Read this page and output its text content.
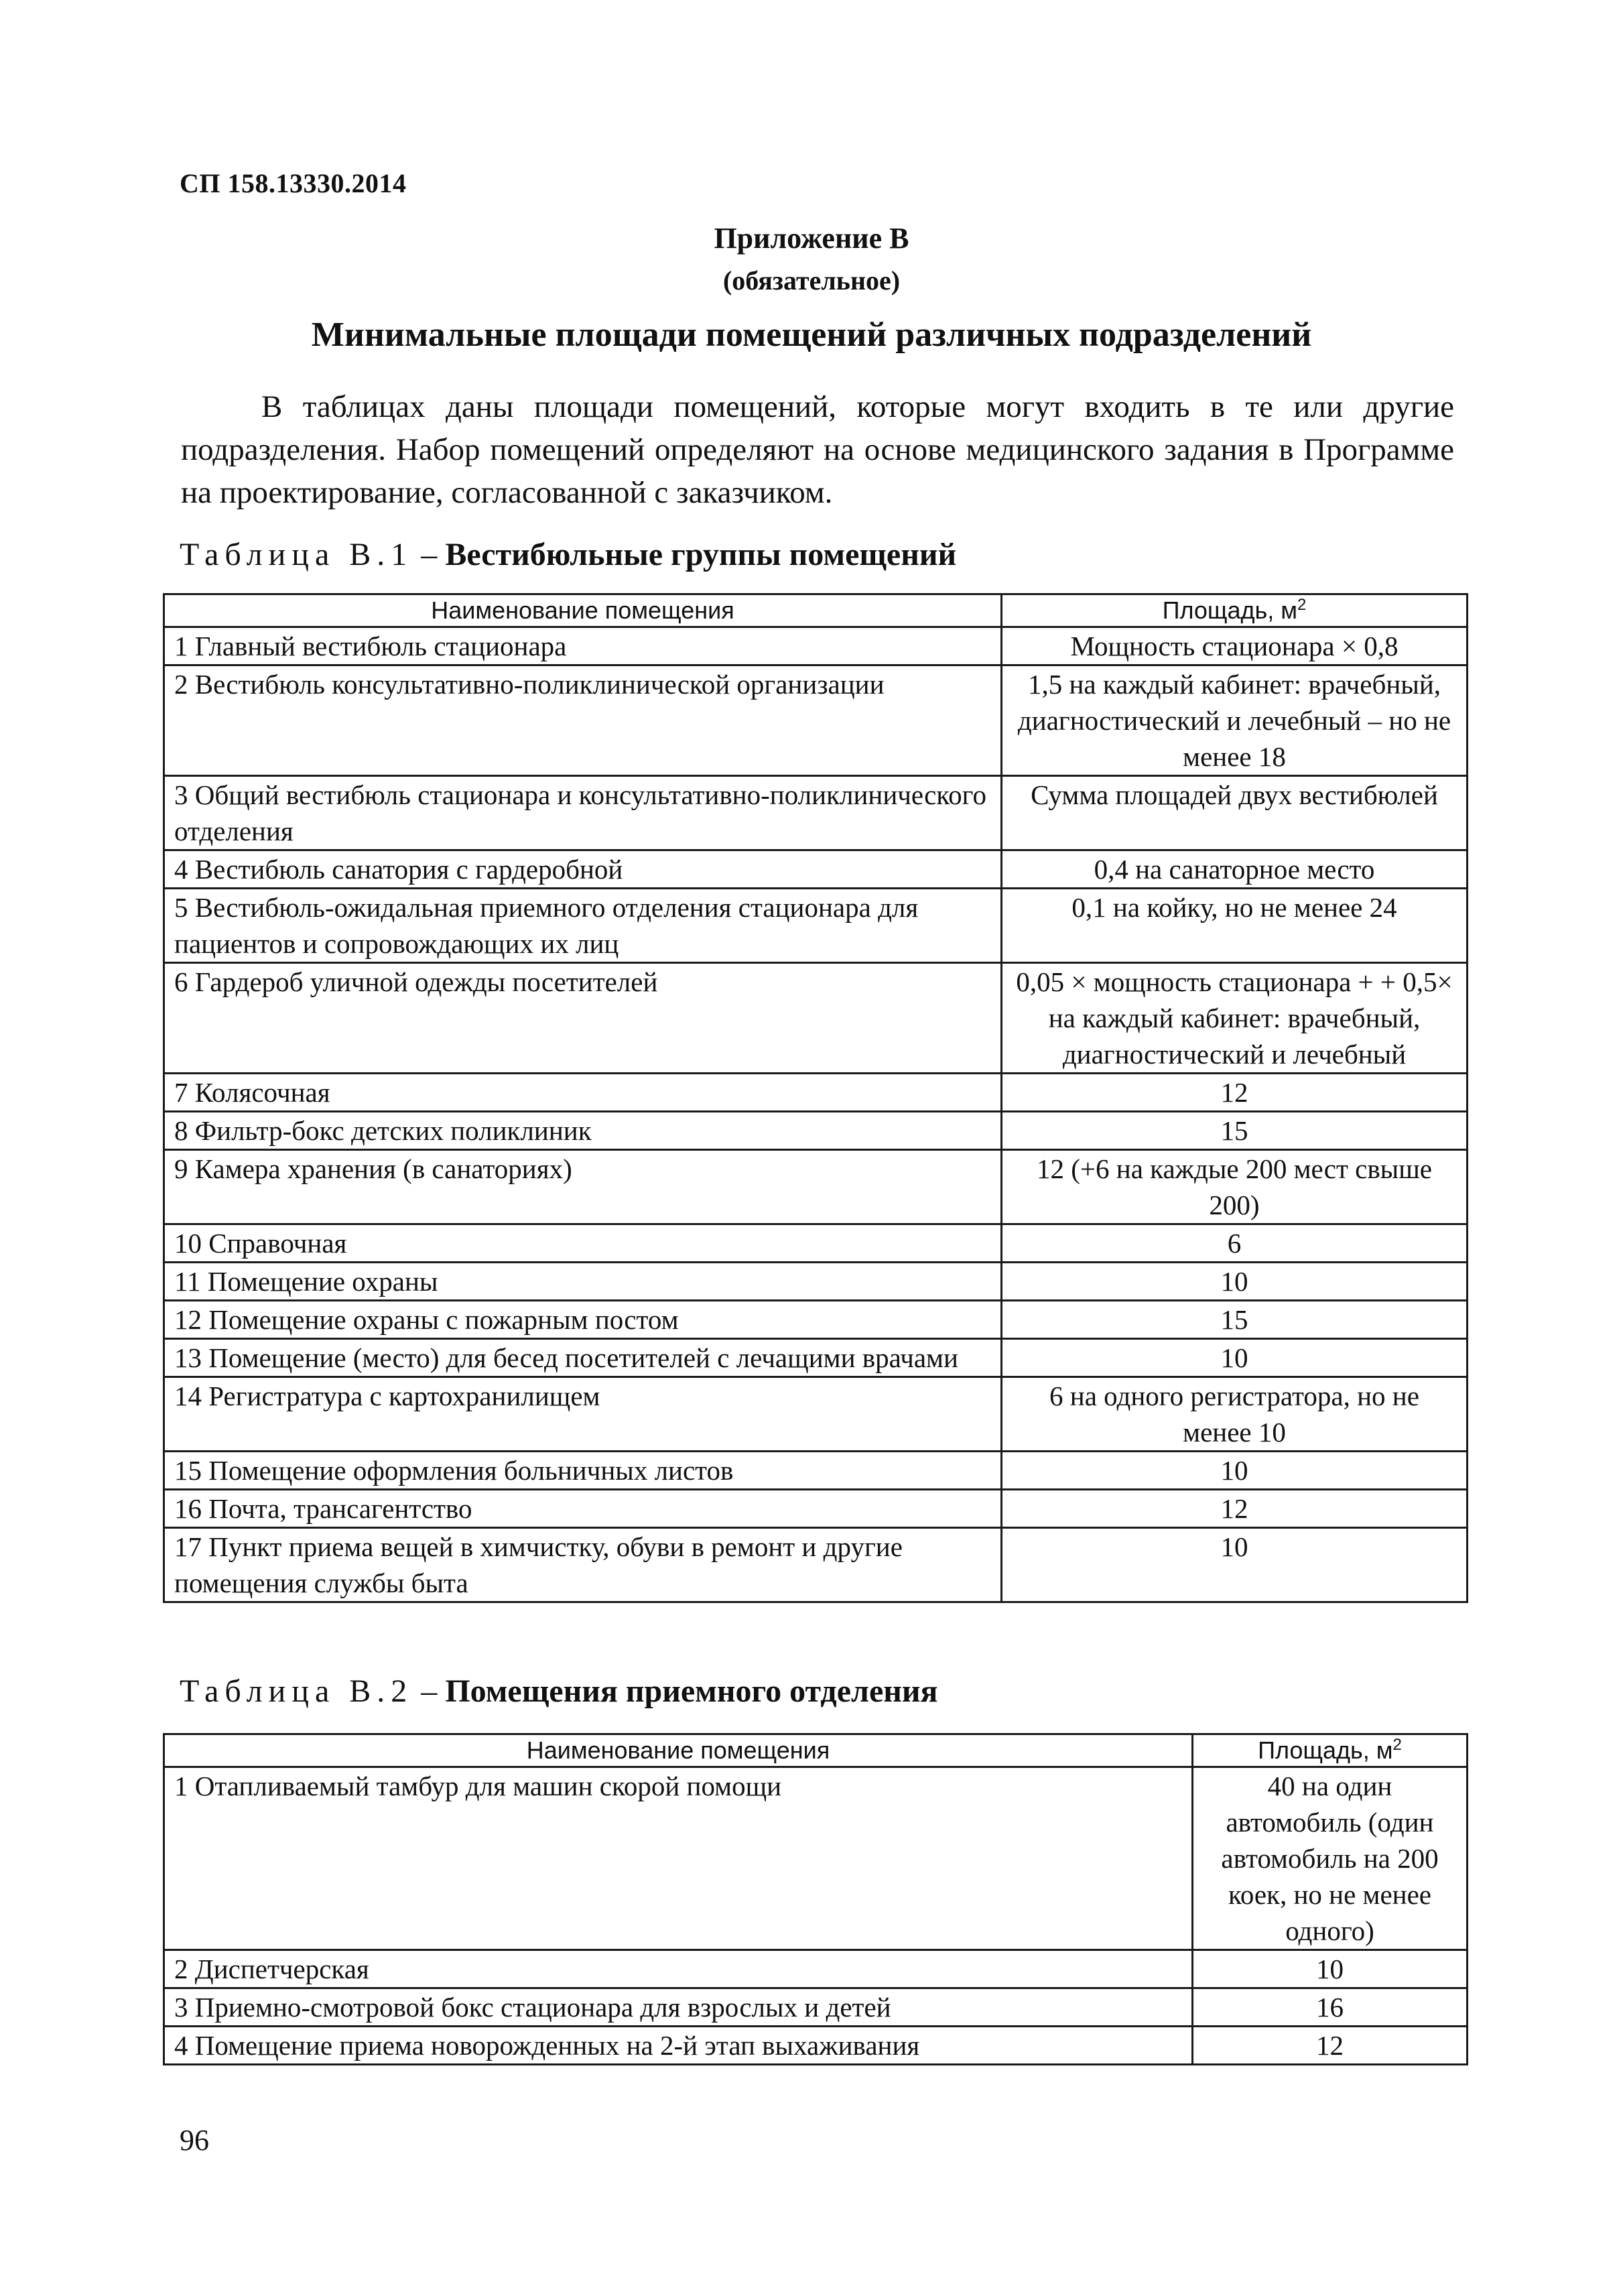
СП 158.13330.2014
Приложение В
(обязательное)
Минимальные площади помещений различных подразделений

В таблицах даны площади помещений, которые могут входить в те или другие подразделения. Набор помещений определяют на основе медицинского задания в Программе на проектирование, согласованной с заказчиком.

Таблица В.1 – Вестибюльные группы помещений
Наименование помещения	Площадь, $м^2$
1 Главный вестибюль стационара	Мощность стационара × 0,8
2 Вестибюль консультативно-поликлинической организации	1,5 на каждый кабинет: врачебный, диагностический и лечебный – но не менее 18
3 Общий вестибюль стационара и консультативно-поликлинического отделения	Сумма площадей двух вестибюлей
4 Вестибюль санатория с гардеробной	0,4 на санаторное место
5 Вестибюль-ожидальная приемного отделения стационара для пациентов и сопровождающих их лиц	0,1 на койку, но не менее 24
6 Гардероб уличной одежды посетителей	0,05 × мощность стационара + + 0,5× на каждый кабинет: врачебный, диагностический и лечебный
7 Колясочная	12
8 Фильтр-бокс детских поликлиник	15
9 Камера хранения (в санаториях)	12 (+6 на каждые 200 мест свыше 200)
10 Справочная	6
11 Помещение охраны	10
12 Помещение охраны с пожарным постом	15
13 Помещение (место) для бесед посетителей с лечащими врачами	10
14 Регистратура с картохранилищем	6 на одного регистратора, но не менее 10
15 Помещение оформления больничных листов	10
16 Почта, трансагентство	12
17 Пункт приема вещей в химчистку, обуви в ремонт и другие помещения службы быта	10
Таблица В.2 – Помещения приемного отделения
Наименование помещения	Площадь, $м^2$
1 Отапливаемый тамбур для машин скорой помощи	40 на один автомобиль (один автомобиль на 200 коек, но не менее одного)
2 Диспетчерская	10
3 Приемно-смотровой бокс стационара для взрослых и детей	16
4 Помещение приема новорожденных на 2-й этап выхаживания	12
96
